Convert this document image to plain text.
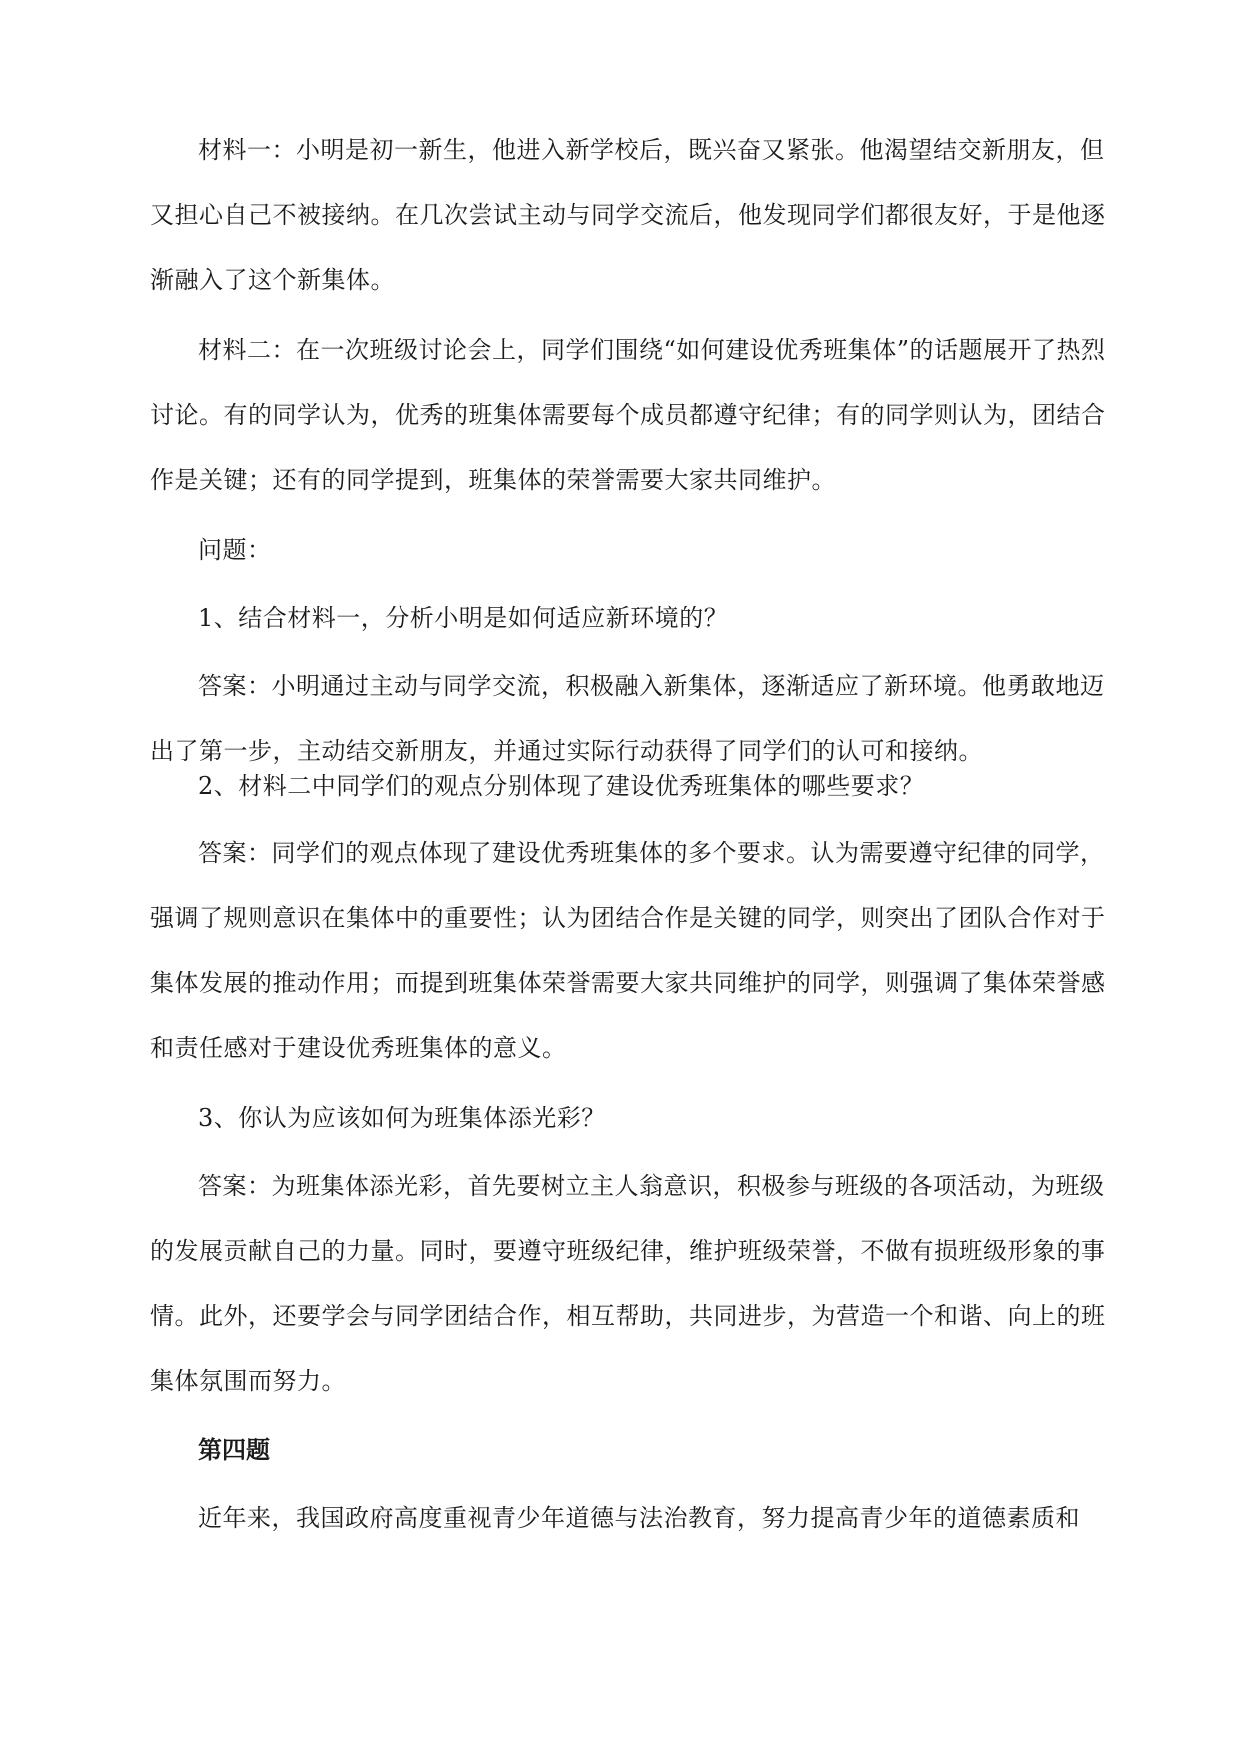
材料一：小明是初一新生，他进入新学校后，既兴奋又紧张。他渴望结交新朋友，但又担心自己不被接纳。在几次尝试主动与同学交流后，他发现同学们都很友好，于是他逐渐融入了这个新集体。

材料二：在一次班级讨论会上，同学们围绕“如何建设优秀班集体”的话题展开了热烈讨论。有的同学认为，优秀的班集体需要每个成员都遵守纪律；有的同学则认为，团结合作是关键；还有的同学提到，班集体的荣誉需要大家共同维护。

问题：

1、结合材料一，分析小明是如何适应新环境的？

答案：小明通过主动与同学交流，积极融入新集体，逐渐适应了新环境。他勇敢地迈出了第一步，主动结交新朋友，并通过实际行动获得了同学们的认可和接纳。

2、材料二中同学们的观点分别体现了建设优秀班集体的哪些要求？

答案：同学们的观点体现了建设优秀班集体的多个要求。认为需要遵守纪律的同学，强调了规则意识在集体中的重要性；认为团结合作是关键的同学，则突出了团队合作对于集体发展的推动作用；而提到班集体荣誉需要大家共同维护的同学，则强调了集体荣誉感和责任感对于建设优秀班集体的意义。

3、你认为应该如何为班集体添光彩？

答案：为班集体添光彩，首先要树立主人翁意识，积极参与班级的各项活动，为班级的发展贡献自己的力量。同时，要遵守班级纪律，维护班级荣誉，不做有损班级形象的事情。此外，还要学会与同学团结合作，相互帮助，共同进步，为营造一个和谐、向上的班集体氛围而努力。

第四题

近年来，我国政府高度重视青少年道德与法治教育，努力提高青少年的道德素质和
